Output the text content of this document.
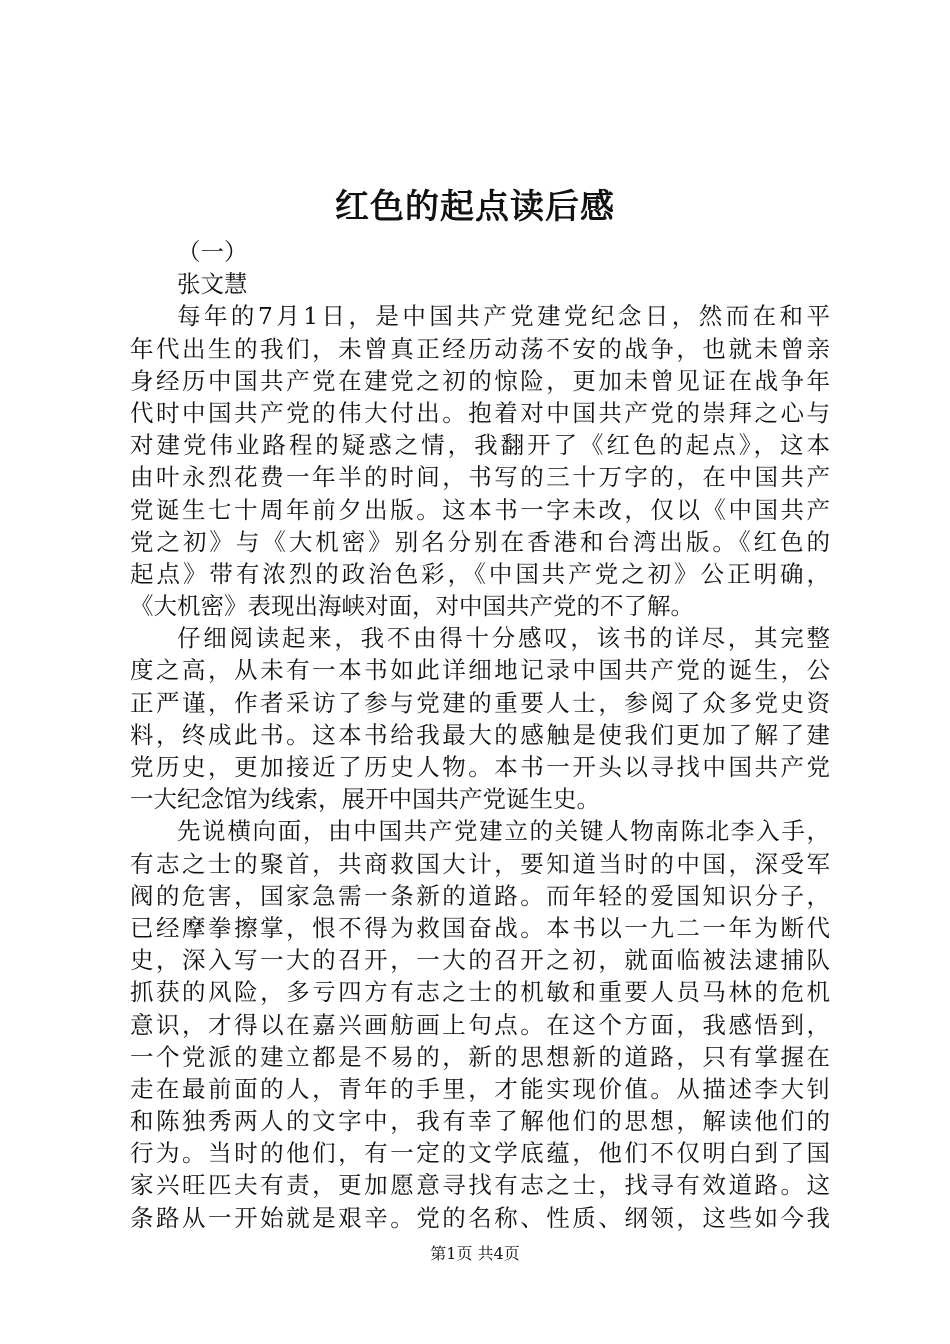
红色的起点读后感
（一）
张文慧
每年的7月1日，是中国共产党建党纪念日，然而在和平
年代出生的我们，未曾真正经历动荡不安的战争，也就未曾亲
身经历中国共产党在建党之初的惊险，更加未曾见证在战争年
代时中国共产党的伟大付出。抱着对中国共产党的崇拜之心与
对建党伟业路程的疑惑之情，我翻开了《红色的起点》，这本
由叶永烈花费一年半的时间，书写的三十万字的，在中国共产
党诞生七十周年前夕出版。这本书一字未改，仅以《中国共产
党之初》与《大机密》别名分别在香港和台湾出版。《红色的
起点》带有浓烈的政治色彩，《中国共产党之初》公正明确，
《大机密》表现出海峡对面，对中国共产党的不了解。
仔细阅读起来，我不由得十分感叹，该书的详尽，其完整
度之高，从未有一本书如此详细地记录中国共产党的诞生，公
正严谨，作者采访了参与党建的重要人士，参阅了众多党史资
料，终成此书。这本书给我最大的感触是使我们更加了解了建
党历史，更加接近了历史人物。本书一开头以寻找中国共产党
一大纪念馆为线索，展开中国共产党诞生史。
先说横向面，由中国共产党建立的关键人物南陈北李入手，
有志之士的聚首，共商救国大计，要知道当时的中国，深受军
阀的危害，国家急需一条新的道路。而年轻的爱国知识分子，
已经摩拳擦掌，恨不得为救国奋战。本书以一九二一年为断代
史，深入写一大的召开，一大的召开之初，就面临被法逮捕队
抓获的风险，多亏四方有志之士的机敏和重要人员马林的危机
意识，才得以在嘉兴画舫画上句点。在这个方面，我感悟到，
一个党派的建立都是不易的，新的思想新的道路，只有掌握在
走在最前面的人，青年的手里，才能实现价值。从描述李大钊
和陈独秀两人的文字中，我有幸了解他们的思想，解读他们的
行为。当时的他们，有一定的文学底蕴，他们不仅明白到了国
家兴旺匹夫有责，更加愿意寻找有志之士，找寻有效道路。这
条路从一开始就是艰辛。党的名称、性质、纲领，这些如今我
第1页 共4页
